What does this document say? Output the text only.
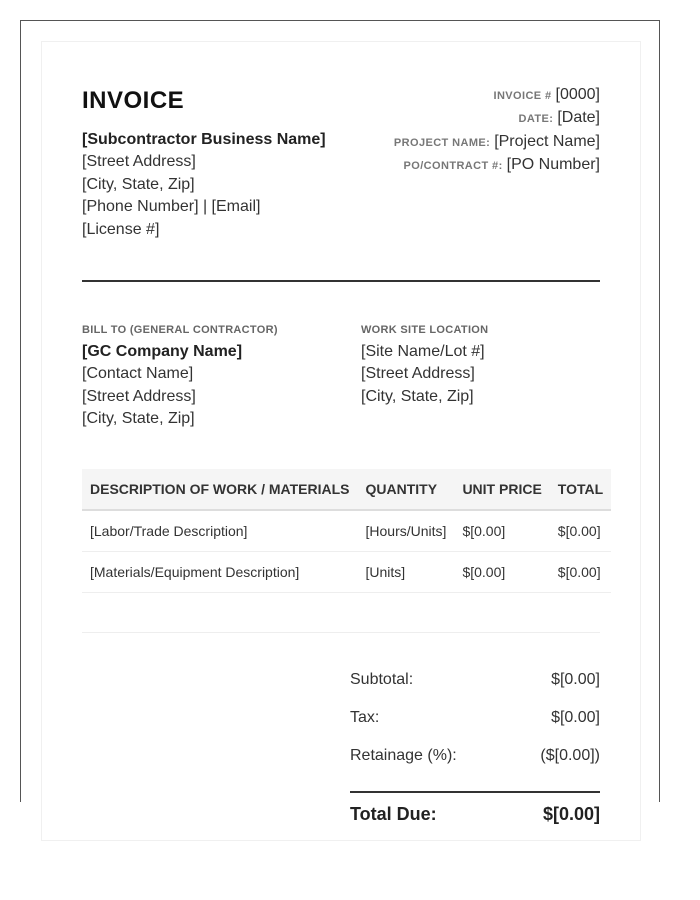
INVOICE
[Subcontractor Business Name]
[Street Address]
[City, State, Zip]
[Phone Number] | [Email]
[License #]
INVOICE # [0000]
DATE: [Date]
PROJECT NAME: [Project Name]
PO/CONTRACT #: [PO Number]
BILL TO (GENERAL CONTRACTOR)
[GC Company Name]
[Contact Name]
[Street Address]
[City, State, Zip]
WORK SITE LOCATION
[Site Name/Lot #]
[Street Address]
[City, State, Zip]
DESCRIPTION OF WORK / MATERIALS	QUANTITY	UNIT PRICE	TOTAL
[Labor/Trade Description]	[Hours/Units]	$[0.00]	$[0.00]
[Materials/Equipment Description]	[Units]	$[0.00]	$[0.00]
Subtotal:	$[0.00]
Tax:	$[0.00]
Retainage (%):	($[0.00])
Total Due:	$[0.00]
